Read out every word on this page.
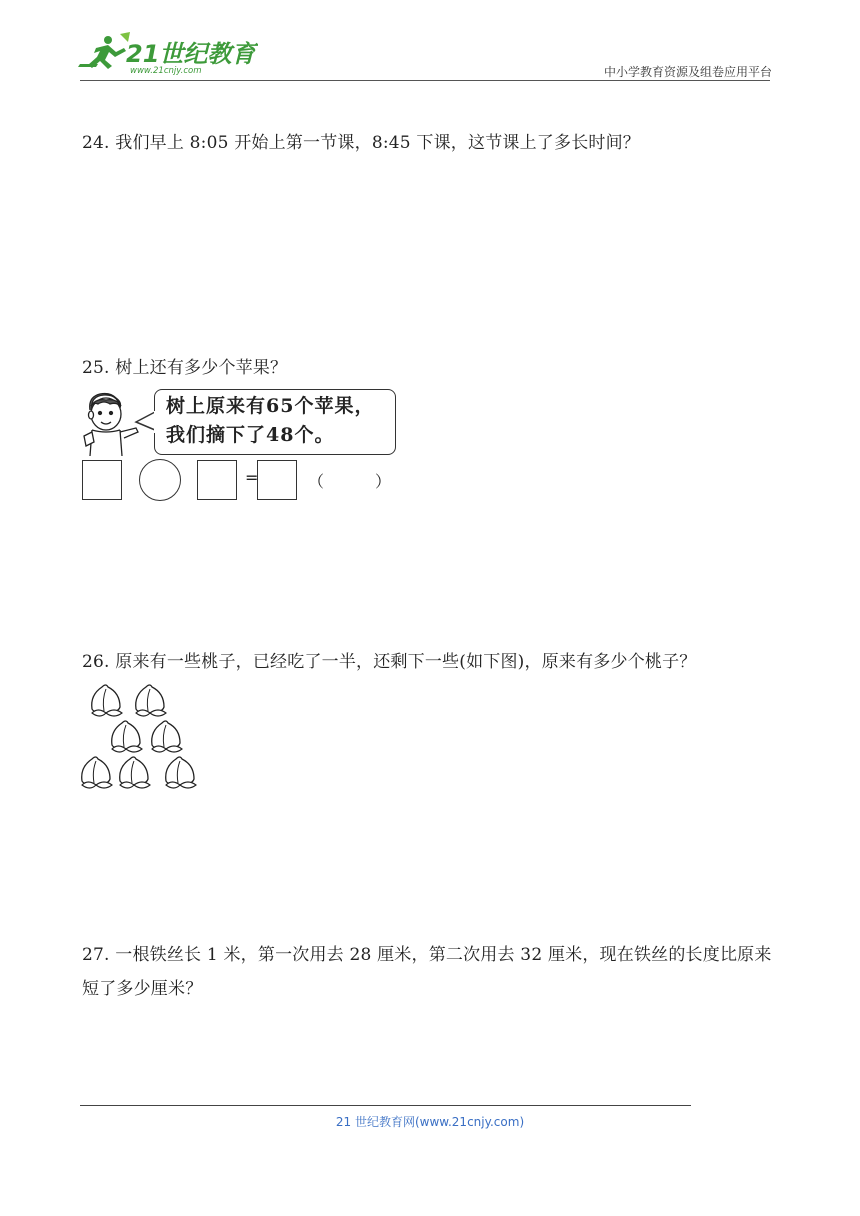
21世纪教育
www.21cnjy.com	中小学教育资源及组卷应用平台
24. 我们早上 8:05 开始上第一节课，8:45 下课，这节课上了多长时间？
25. 树上还有多少个苹果？
树上原来有65个苹果，
我们摘下了48个。
=	（	）
26. 原来有一些桃子，已经吃了一半，还剩下一些(如下图)，原来有多少个桃子？
27. 一根铁丝长 1 米，第一次用去 28 厘米，第二次用去 32 厘米，现在铁丝的长度比原来短了多少厘米？
21 世纪教育网(www.21cnjy.com)
